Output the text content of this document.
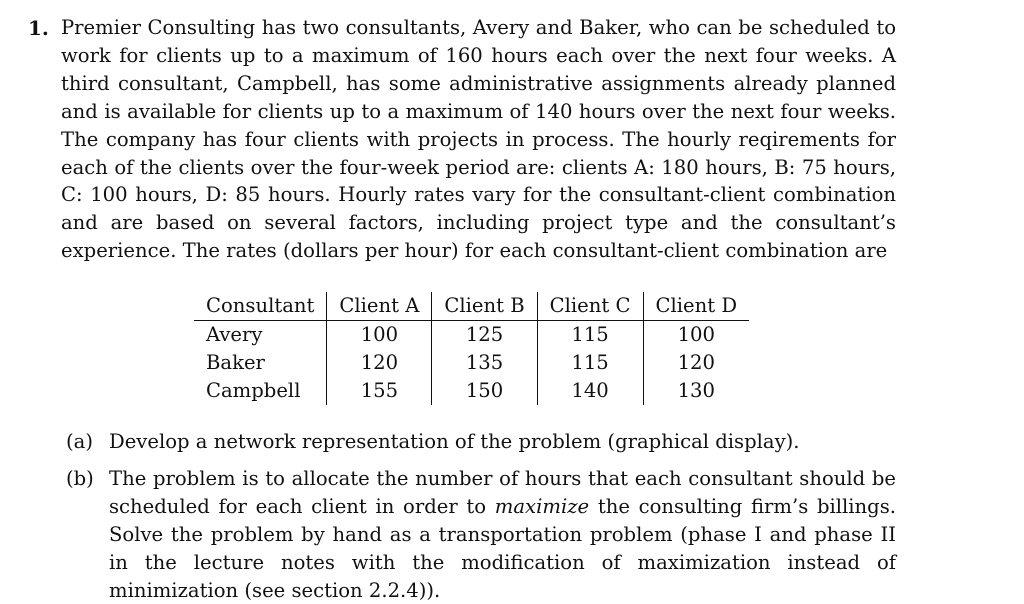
1. Premier Consulting has two consultants, Avery and Baker, who can be scheduled to work for clients up to a maximum of 160 hours each over the next four weeks. A third consultant, Campbell, has some administrative assignments already planned and is available for clients up to a maximum of 140 hours over the next four weeks. The company has four clients with projects in process. The hourly reqirements for each of the clients over the four-week period are: clients A: 180 hours, B: 75 hours, C: 100 hours, D: 85 hours. Hourly rates vary for the consultant-client combination and are based on several factors, including project type and the consultant’s experience. The rates (dollars per hour) for each consultant-client combination are
Consultant	Client A	Client B	Client C	Client D
Avery	100	125	115	100
Baker	120	135	115	120
Campbell	155	150	140	130
(a) Develop a network representation of the problem (graphical display).
(b) The problem is to allocate the number of hours that each consultant should be scheduled for each client in order to maximize the consulting firm’s billings. Solve the problem by hand as a transportation problem (phase I and phase II in the lecture notes with the modification of maximization instead of minimization (see section 2.2.4)).
